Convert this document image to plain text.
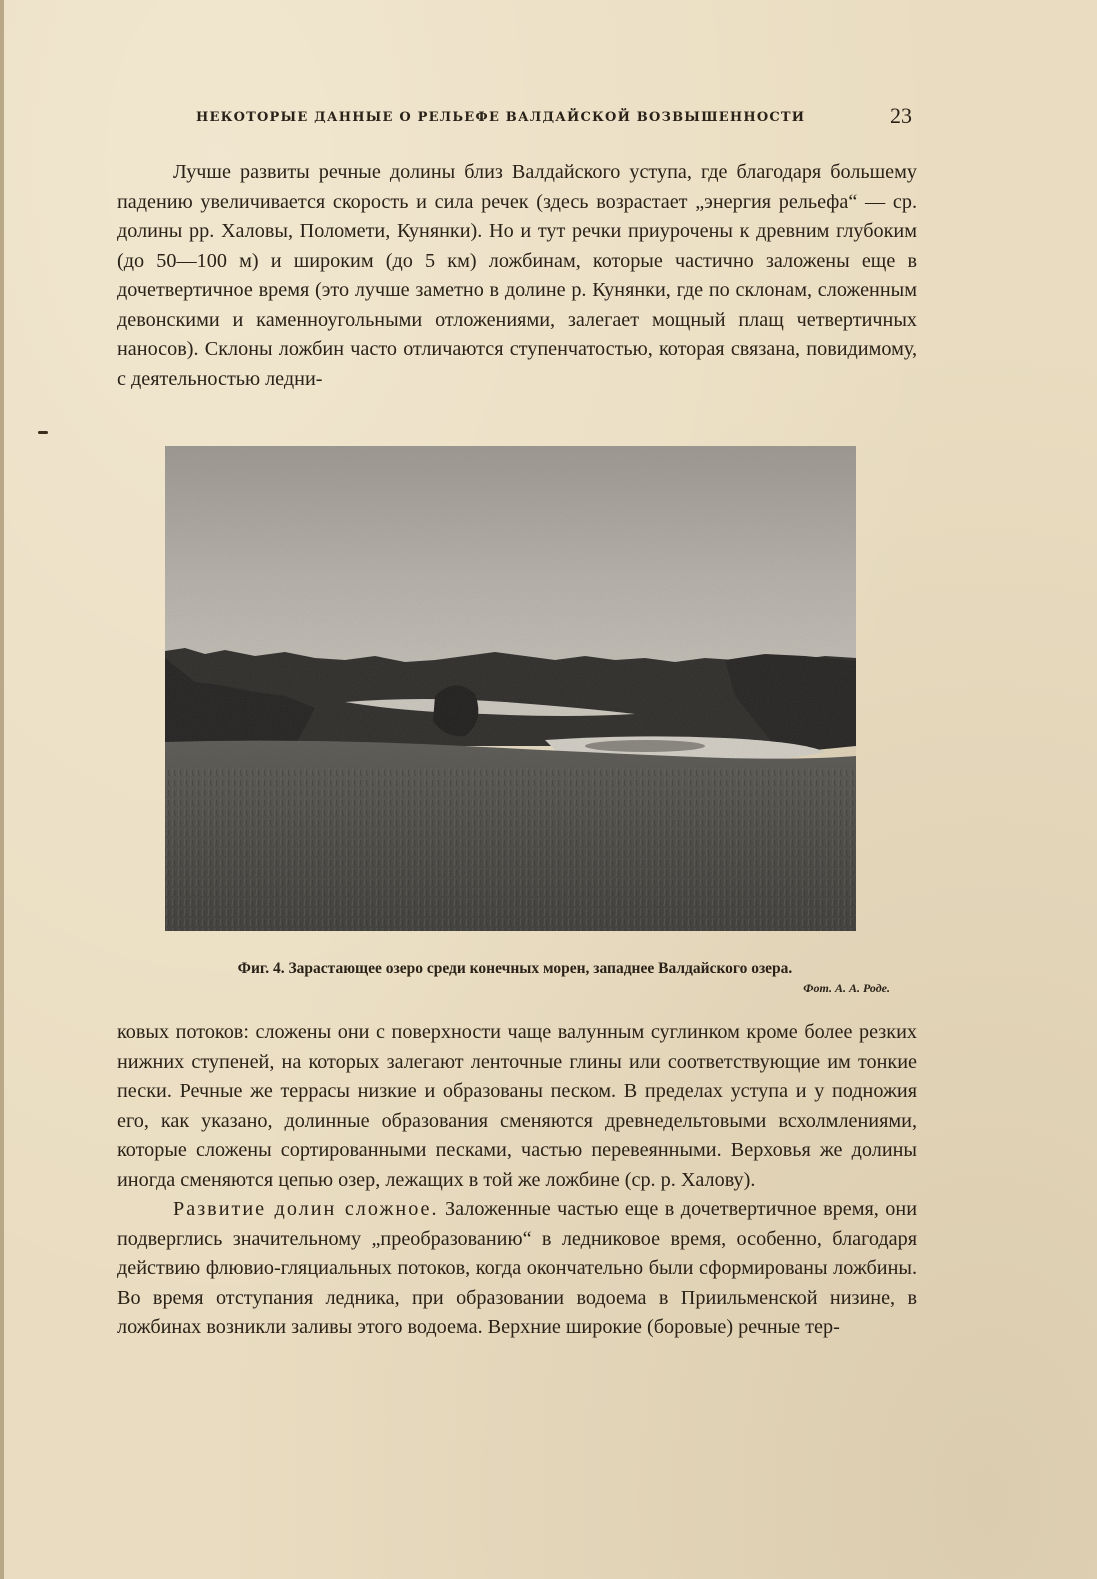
НЕКОТОРЫЕ ДАННЫЕ О РЕЛЬЕФЕ ВАЛДАЙСКОЙ ВОЗВЫШЕННОСТИ	23

Лучше развиты речные долины близ Валдайского уступа, где благодаря большему падению увеличивается скорость и сила речек (здесь возрастает „энергия рельефа“ — ср. долины рр. Халовы, Поломети, Кунянки). Но и тут речки приурочены к древним глубоким (до 50—100 м) и широким (до 5 км) ложбинам, которые частично заложены еще в дочетвертичное время (это лучше заметно в долине р. Кунянки, где по склонам, сложенным девонскими и каменноугольными отложениями, залегает мощный плащ четвертичных наносов). Склоны ложбин часто отличаются ступенчатостью, которая связана, повидимому, с деятельностью ледни-

Фиг. 4. Зарастающее озеро среди конечных морен, западнее Валдайского озера.
Фот. А. А. Роде.

ковых потоков: сложены они с поверхности чаще валунным суглинком кроме более резких нижних ступеней, на которых залегают ленточные глины или соответствующие им тонкие пески. Речные же террасы низкие и образованы песком. В пределах уступа и у подножия его, как указано, долинные образования сменяются древнедельтовыми всхолмлениями, которые сложены сортированными песками, частью перевеянными. Верховья же долины иногда сменяются цепью озер, лежащих в той же ложбине (ср. р. Халову).

Развитие долин сложное. Заложенные частью еще в дочетвертичное время, они подверглись значительному „преобразованию“ в ледниковое время, особенно, благодаря действию флювио-гляциальных потоков, когда окончательно были сформированы ложбины. Во время отступания ледника, при образовании водоема в Приильменской низине, в ложбинах возникли заливы этого водоема. Верхние широкие (боровые) речные тер-
